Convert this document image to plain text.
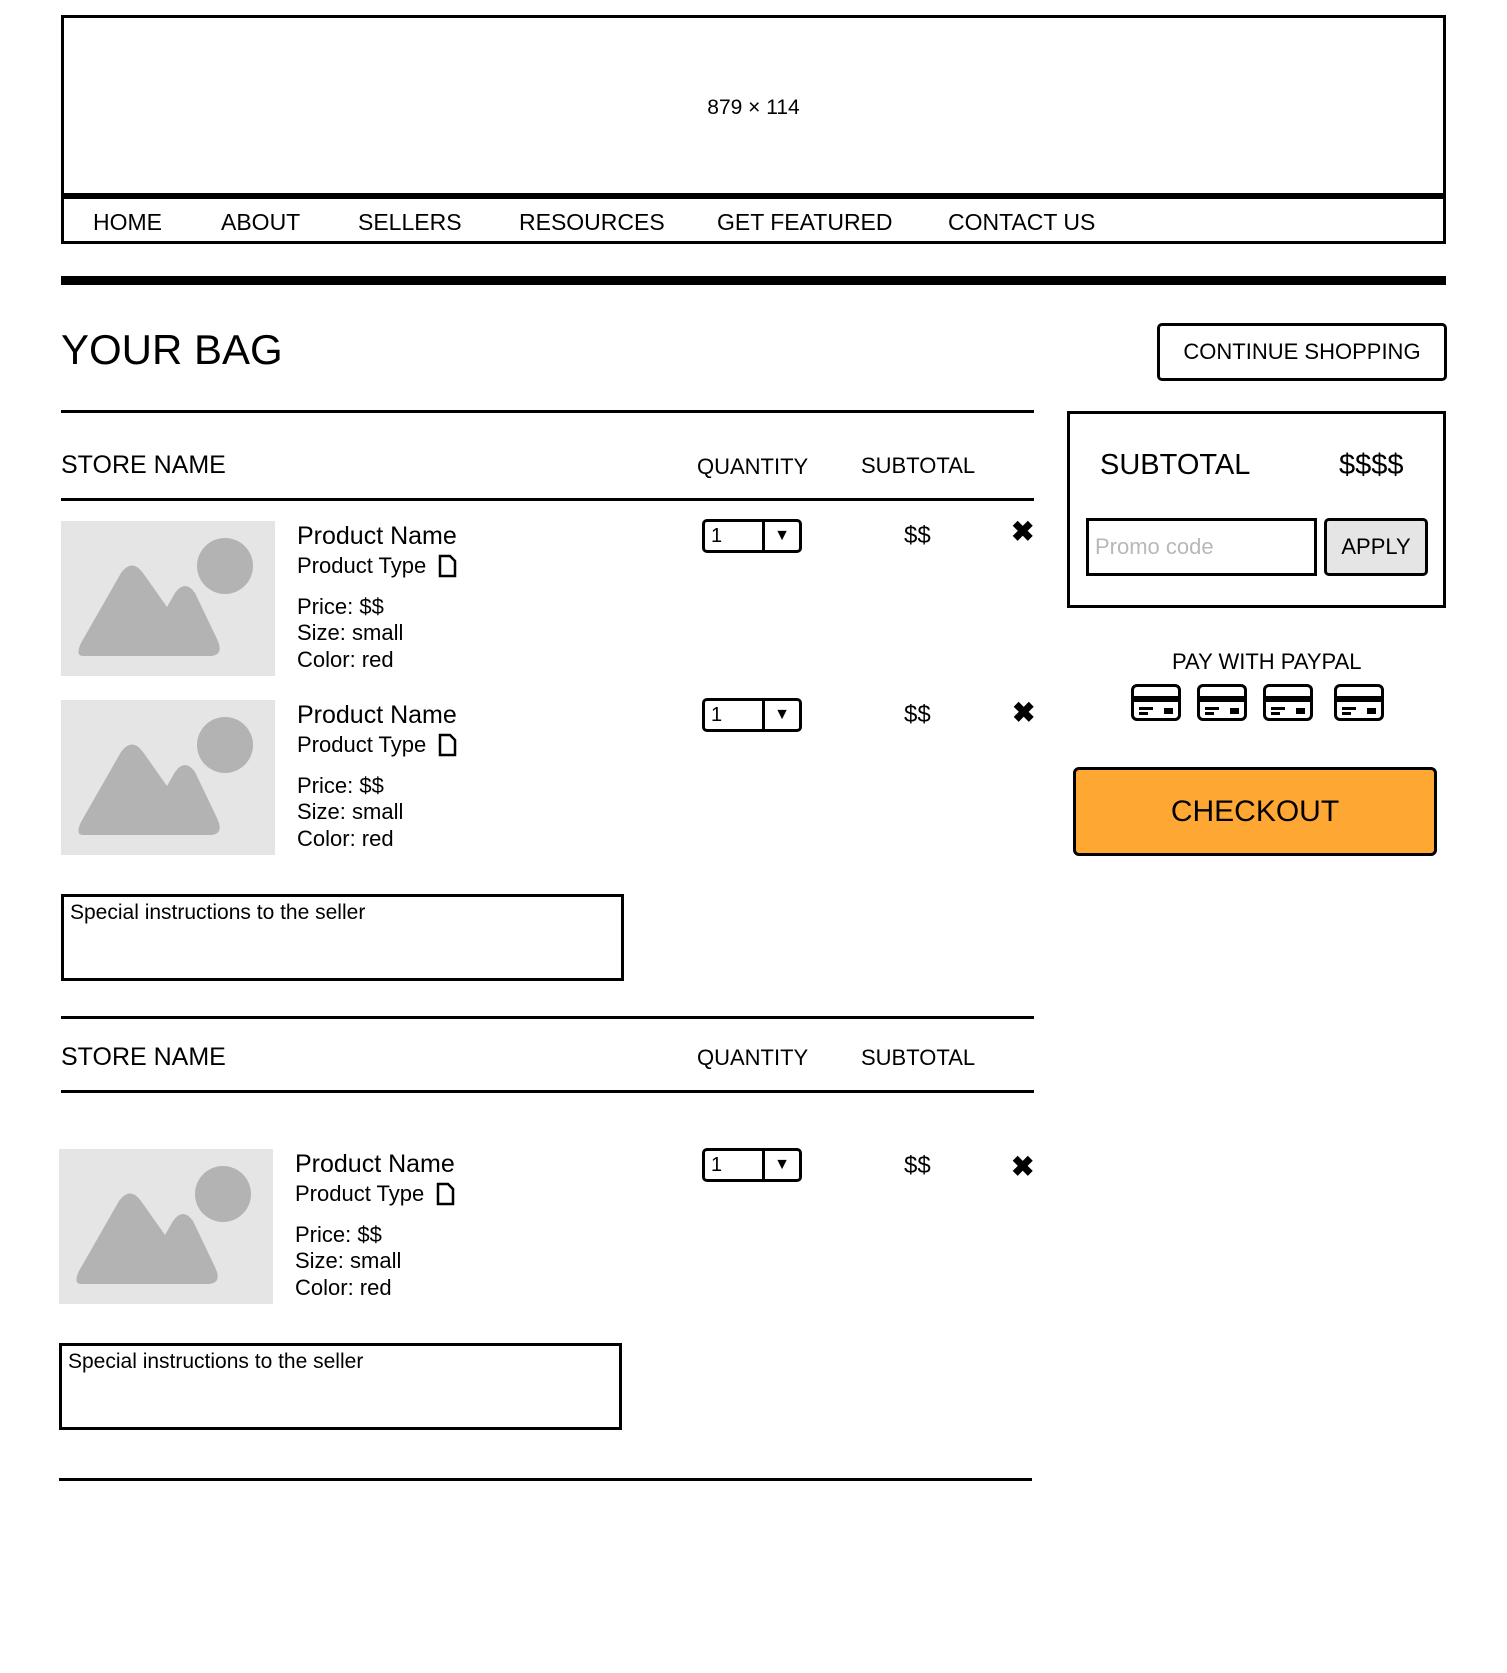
879 × 114
HOME	ABOUT	SELLERS RESOURCES GET FEATURED CONTACT US
YOUR BAG	CONTINUE SHOPPING
STORE NAME	QUANTITY SUBTOTAL
Product Name
Product Type
Price: $$
Size: small
Color: red
1	▼	$$	✖
Product Name
Product Type
Price: $$
Size: small
Color: red
1	▼	$$	✖
Special instructions to the seller
STORE NAME	QUANTITY SUBTOTAL
Product Name
Product Type
Price: $$
Size: small
Color: red
1	▼	$$	✖
Special instructions to the seller
SUBTOTAL	$$$$
Promo code
APPLY
PAY WITH PAYPAL
CHECKOUT
